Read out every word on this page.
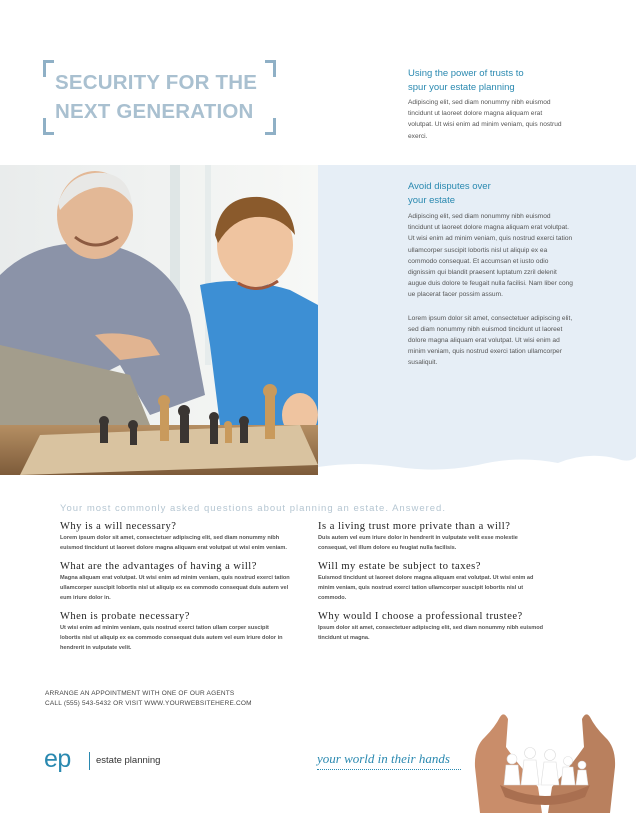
SECURITY FOR THE
NEXT GENERATION
Using the power of trusts to
spur your estate planning
Adipiscing elit, sed diam nonummy nibh euismod tincidunt ut laoreet dolore magna aliquam erat volutpat. Ut wisi enim ad minim veniam, quis nostrud exerci.
Avoid disputes over
your estate
Adipiscing elit, sed diam nonummy nibh euismod tincidunt ut laoreet dolore magna aliquam erat volutpat. Ut wisi enim ad minim veniam, quis nostrud exerci tation ullamcorper suscipit lobortis nisl ut aliquip ex ea commodo consequat. Et accumsan et iusto odio dignissim qui blandit praesent luptatum zzril delenit augue duis dolore te feugait nulla facilisi. Nam liber cong ue placerat facer possim assum.
Lorem ipsum dolor sit amet, consectetuer adipiscing elit, sed diam nonummy nibh euismod tincidunt ut laoreet dolore magna aliquam erat volutpat. Ut wisi enim ad minim veniam, quis nostrud exerci tation ullamcorper susaliquit.
Your most commonly asked questions about planning an estate. Answered.
Why is a will necessary?
Lorem ipsum dolor sit amet, consectetuer adipiscing elit, sed diam nonummy nibh euismod tincidunt ut laoreet dolore magna aliquam erat volutpat ut wisi enim veniam.
What are the advantages of having a will?
Magna aliquam erat volutpat. Ut wisi enim ad minim veniam, quis nostrud exerci tation ullamcorper suscipit lobortis nisl ut aliquip ex ea commodo consequat duis autem vel eum iriure dolor in.
When is probate necessary?
Ut wisi enim ad minim veniam, quis nostrud exerci tation ullam corper suscipit lobortis nisl ut aliquip ex ea commodo consequat duis autem vel eum iriure dolor in hendrerit in vulputate velit.
Is a living trust more private than a will?
Duis autem vel eum iriure dolor in hendrerit in vulputate velit esse molestie consequat, vel illum dolore eu feugiat nulla facilisis.
Will my estate be subject to taxes?
Euismod tincidunt ut laoreet dolore magna aliquam erat volutpat. Ut wisi enim ad minim veniam, quis nostrud exerci tation ullamcorper suscipit lobortis nisl ut commodo.
Why would I choose a professional trustee?
Ipsum dolor sit amet, consectetuer adipiscing elit, sed diam nonummy nibh euismod tincidunt ut magna.
ARRANGE AN APPOINTMENT WITH ONE OF OUR AGENTS
CALL (555) 543-5432 OR VISIT WWW.YOURWEBSITEHERE.COM
ep	estate planning	your world in their hands
